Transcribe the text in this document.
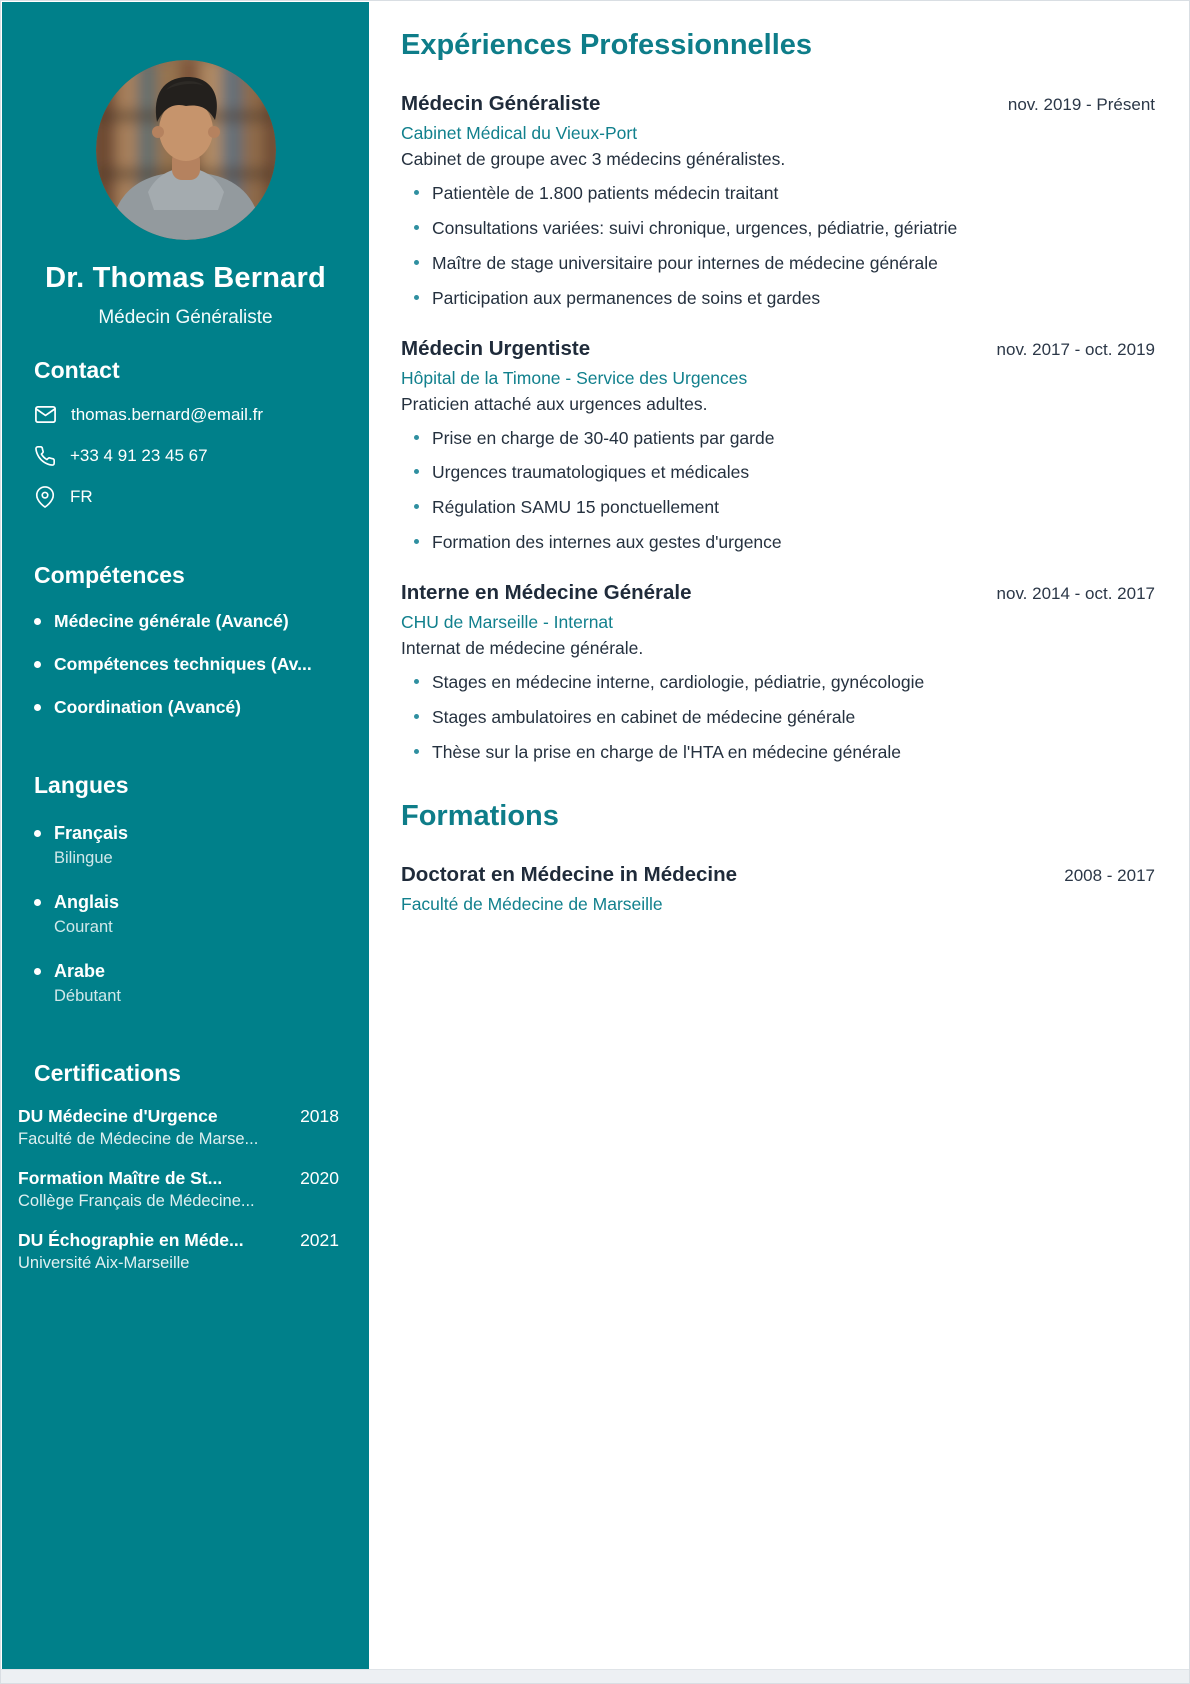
Dr. Thomas Bernard
Médecin Généraliste
Contact
thomas.bernard@email.fr
+33 4 91 23 45 67
FR
Compétences
Médecine générale (Avancé)
Compétences techniques (Av...
Coordination (Avancé)
Langues
Français
Bilingue
Anglais
Courant
Arabe
Débutant
Certifications
DU Médecine d'Urgence	2018
Faculté de Médecine de Marse...
Formation Maître de St...	2020
Collège Français de Médecine...
DU Échographie en Méde...	2021
Université Aix-Marseille
Expériences Professionnelles
Médecin Généraliste	nov. 2019 - Présent
Cabinet Médical du Vieux-Port
Cabinet de groupe avec 3 médecins généralistes.
Patientèle de 1.800 patients médecin traitant
Consultations variées: suivi chronique, urgences, pédiatrie, gériatrie
Maître de stage universitaire pour internes de médecine générale
Participation aux permanences de soins et gardes
Médecin Urgentiste	nov. 2017 - oct. 2019
Hôpital de la Timone - Service des Urgences
Praticien attaché aux urgences adultes.
Prise en charge de 30-40 patients par garde
Urgences traumatologiques et médicales
Régulation SAMU 15 ponctuellement
Formation des internes aux gestes d'urgence
Interne en Médecine Générale	nov. 2014 - oct. 2017
CHU de Marseille - Internat
Internat de médecine générale.
Stages en médecine interne, cardiologie, pédiatrie, gynécologie
Stages ambulatoires en cabinet de médecine générale
Thèse sur la prise en charge de l'HTA en médecine générale
Formations
Doctorat en Médecine in Médecine	2008 - 2017
Faculté de Médecine de Marseille
